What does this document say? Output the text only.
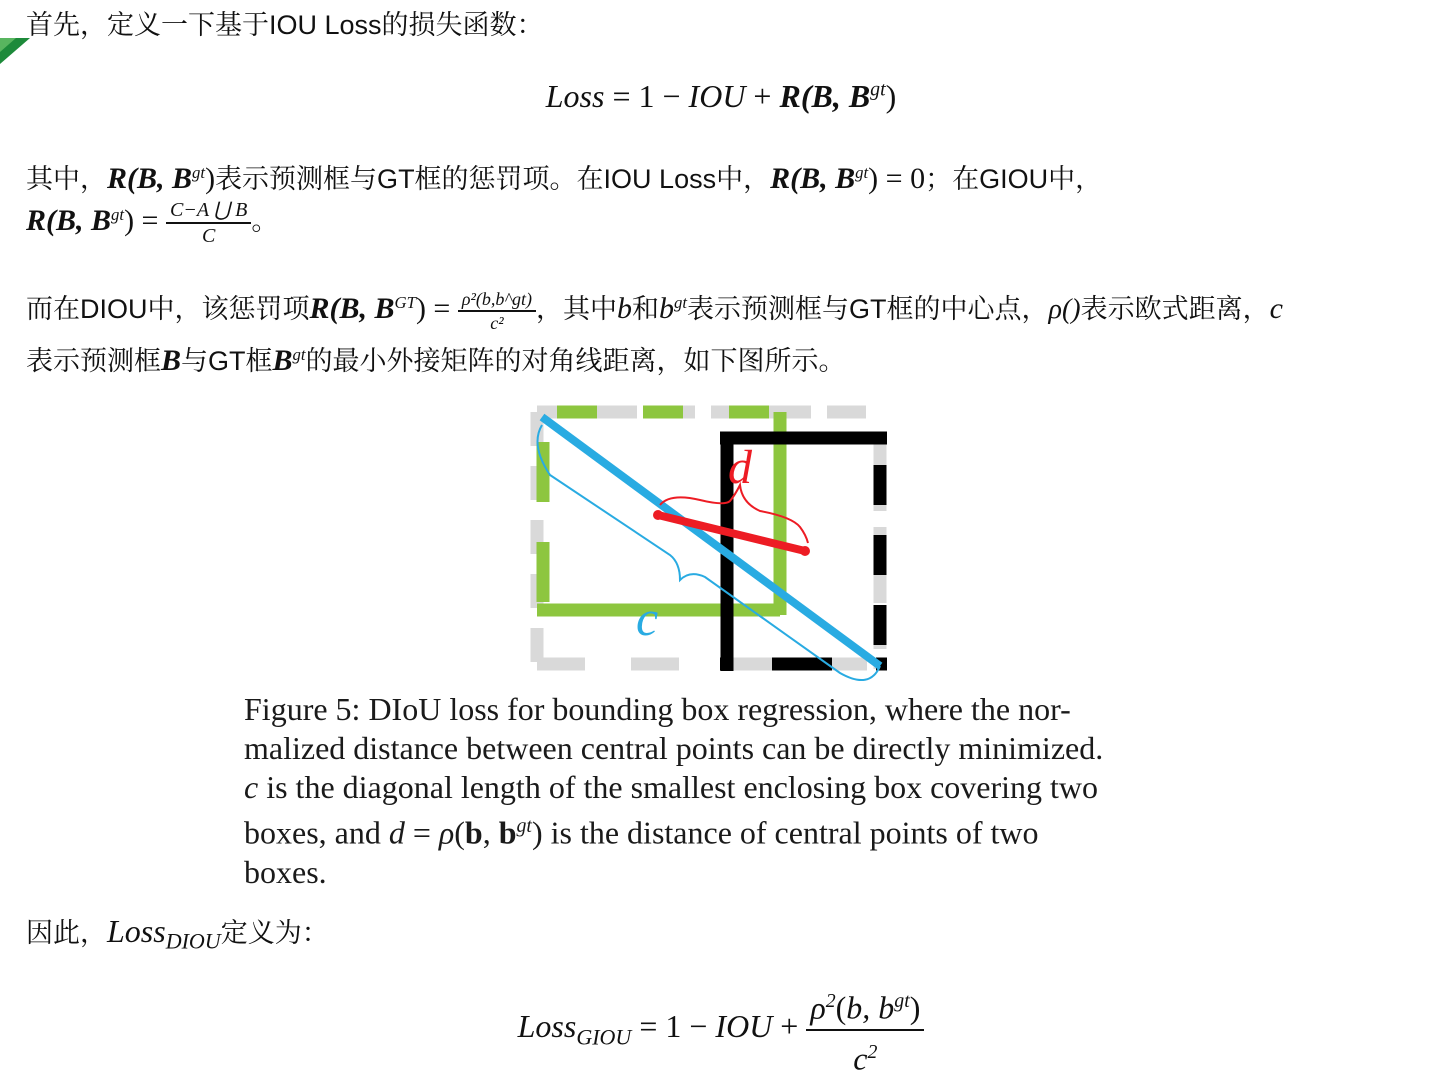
首先，定义一下基于IOU Loss的损失函数：
Loss = 1 − IOU + R(B, $B^{gt}$)
其中，R(B, $B^{gt}$)表示预测框与GT框的惩罚项。在IOU Loss中，R(B, $B^{gt}) = 0$；在GIOU中，
R(B, $B^{gt}) = \frac{C-A ⋃ B}{C}$ 。
而在DIOU中，该惩罚项R(B, $B^{GT}) = \frac{\text{ρ²(b,b\textasciicircum{}gt)}}{\text{c²}}$ ，其中b和$b^{gt}$表示预测框与GT框的中心点，ρ()表示欧式距离，c
表示预测框B与GT框$B^{gt}$的最小外接矩阵的对角线距离，如下图所示。
d
c
Figure 5: DIoU loss for bounding box regression, where the nor-
malized distance between central points can be directly minimized.
c is the diagonal length of the smallest enclosing box covering two
boxes, and d = ρ(b, $b^{gt}$) is the distance of central points of two
boxes.
因此，Loss$_{DIOU}$定义为：
Loss$_{GIOU}$ = 1 − IOU + $\frac{\rho^2(b, b^{gt})}{c^2}$
